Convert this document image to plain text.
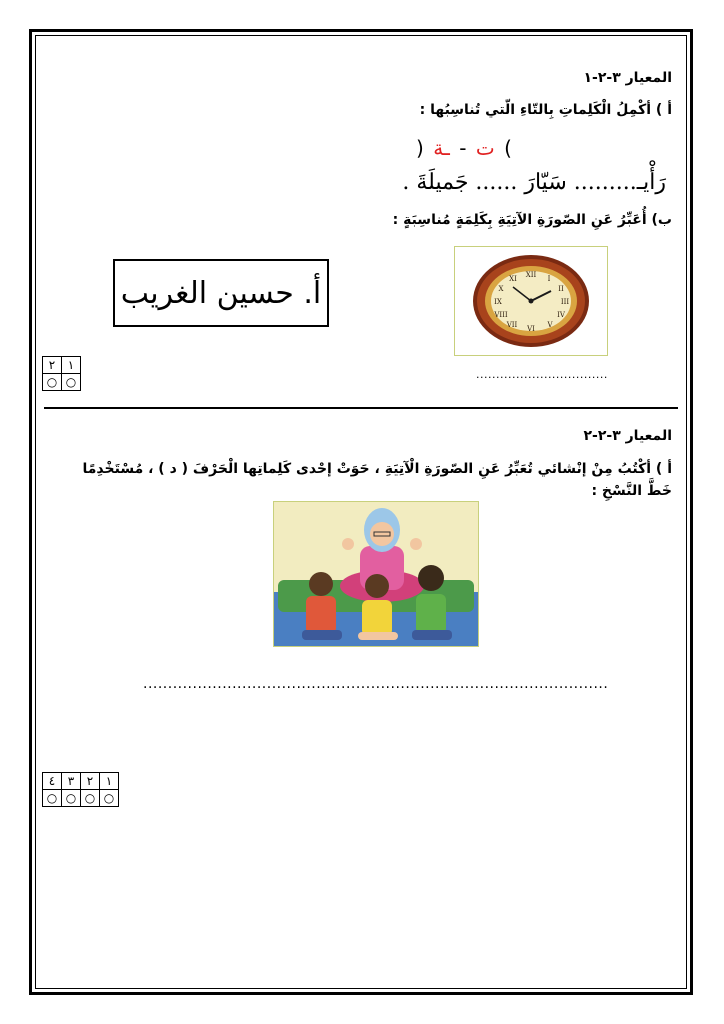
المعيار ٣-٢-١
أ ) أكْمِلُ الْكَلِماتِ بِالتّاءِ الّتي تُناسِبُها :
) ـة - ت (
رَأْيـ......... سَيّارَ ...... جَميلَةَ .
ب) أُعَبِّرُ عَنِ الصّورَةِ الآتِيَةِ بِكَلِمَةٍ مُناسِبَةٍ :
أ. حسين الغريب
XII I
II
III
IV
V
VI
VII
VIII
IX
X
XI
.................................
٢	١
○	○
المعيار ٣-٢-٢
أ ) أكْتُبُ مِنْ إنْشائي تُعَبِّرُ عَنِ الصّورَةِ الْآتِيَةِ ، حَوَتْ إحْدى كَلِماتِها الْحَرْفَ ( د ) ، مُسْتَخْدِمًا خَطَّ النَّسْخِ :
..............................................................................................
٤	٣	٢	١
○	○	○	○
